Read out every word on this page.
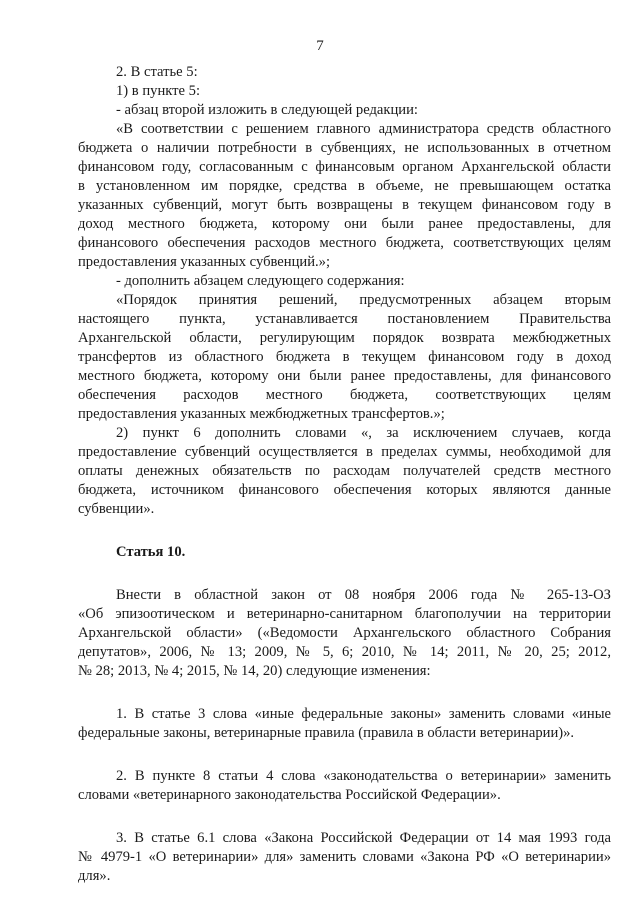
7
2. В статье 5:
1) в пункте 5:
- абзац второй изложить в следующей редакции:
«В соответствии с решением главного администратора средств областного
бюджета о наличии потребности в субвенциях, не использованных в отчетном
финансовом году, согласованным с финансовым органом Архангельской области
в установленном им порядке, средства в объеме, не превышающем остатка
указанных субвенций, могут быть возвращены в текущем финансовом году в
доход местного бюджета, которому они были ранее предоставлены, для
финансового обеспечения расходов местного бюджета, соответствующих целям
предоставления указанных субвенций.»;
- дополнить абзацем следующего содержания:
«Порядок принятия решений, предусмотренных абзацем вторым
настоящего пункта, устанавливается постановлением Правительства
Архангельской области, регулирующим порядок возврата межбюджетных
трансфертов из областного бюджета в текущем финансовом году в доход
местного бюджета, которому они были ранее предоставлены, для финансового
обеспечения расходов местного бюджета, соответствующих целям
предоставления указанных межбюджетных трансфертов.»;
2) пункт 6 дополнить словами «, за исключением случаев, когда
предоставление субвенций осуществляется в пределах суммы, необходимой для
оплаты денежных обязательств по расходам получателей средств местного
бюджета, источником финансового обеспечения которых являются данные
субвенции».
Статья 10.
Внести в областной закон от 08 ноября 2006 года № 265-13-ОЗ
«Об эпизоотическом и ветеринарно-санитарном благополучии на территории
Архангельской области» («Ведомости Архангельского областного Собрания
депутатов», 2006, № 13; 2009, № 5, 6; 2010, № 14; 2011, № 20, 25; 2012,
№ 28; 2013, № 4; 2015, № 14, 20) следующие изменения:
1. В статье 3 слова «иные федеральные законы» заменить словами «иные
федеральные законы, ветеринарные правила (правила в области ветеринарии)».
2. В пункте 8 статьи 4 слова «законодательства о ветеринарии» заменить
словами «ветеринарного законодательства Российской Федерации».
3. В статье 6.1 слова «Закона Российской Федерации от 14 мая 1993 года
№ 4979-1 «О ветеринарии» для» заменить словами «Закона РФ «О ветеринарии»
для».
